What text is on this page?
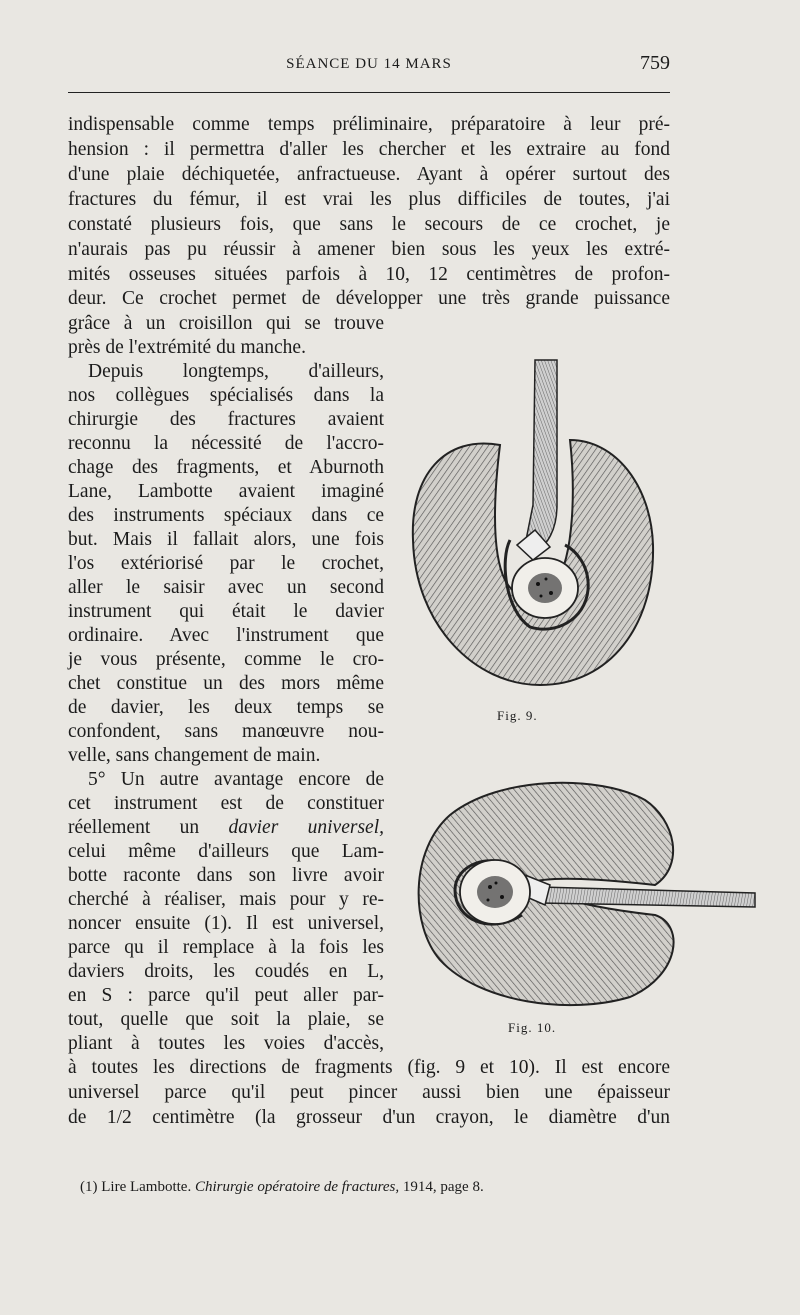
SÉANCE DU 14 MARS	759
indispensable comme temps préliminaire, préparatoire à leur pré-
hension : il permettra d'aller les chercher et les extraire au fond
d'une plaie déchiquetée, anfractueuse. Ayant à opérer surtout des
fractures du fémur, il est vrai les plus difficiles de toutes, j'ai
constaté plusieurs fois, que sans le secours de ce crochet, je
n'aurais pas pu réussir à amener bien sous les yeux les extré-
mités osseuses situées parfois à 10, 12 centimètres de profon-
deur. Ce crochet permet de développer une très grande puissance
grâce à un croisillon qui se trouve
près de l'extrémité du manche.
Depuis longtemps, d'ailleurs,
nos collègues spécialisés dans la
chirurgie des fractures avaient
reconnu la nécessité de l'accro-
chage des fragments, et Aburnoth
Lane, Lambotte avaient imaginé
des instruments spéciaux dans ce
but. Mais il fallait alors, une fois
l'os extériorisé par le crochet,
aller le saisir avec un second
instrument qui était le davier
ordinaire. Avec l'instrument que
je vous présente, comme le cro-
chet constitue un des mors même
de davier, les deux temps se
confondent, sans manœuvre nou-
velle, sans changement de main.
5° Un autre avantage encore de
cet instrument est de constituer
réellement un davier universel,
celui même d'ailleurs que Lam-
botte raconte dans son livre avoir
cherché à réaliser, mais pour y re-
noncer ensuite (1). Il est universel,
parce qu il remplace à la fois les
daviers droits, les coudés en L,
en S : parce qu'il peut aller par-
tout, quelle que soit la plaie, se
pliant à toutes les voies d'accès,
à toutes les directions de fragments (fig. 9 et 10). Il est encore
universel parce qu'il peut pincer aussi bien une épaisseur
de 1/2 centimètre (la grosseur d'un crayon, le diamètre d'un
Fig. 9.
Fig. 10.
(1) Lire Lambotte. Chirurgie opératoire de fractures, 1914, page 8.
